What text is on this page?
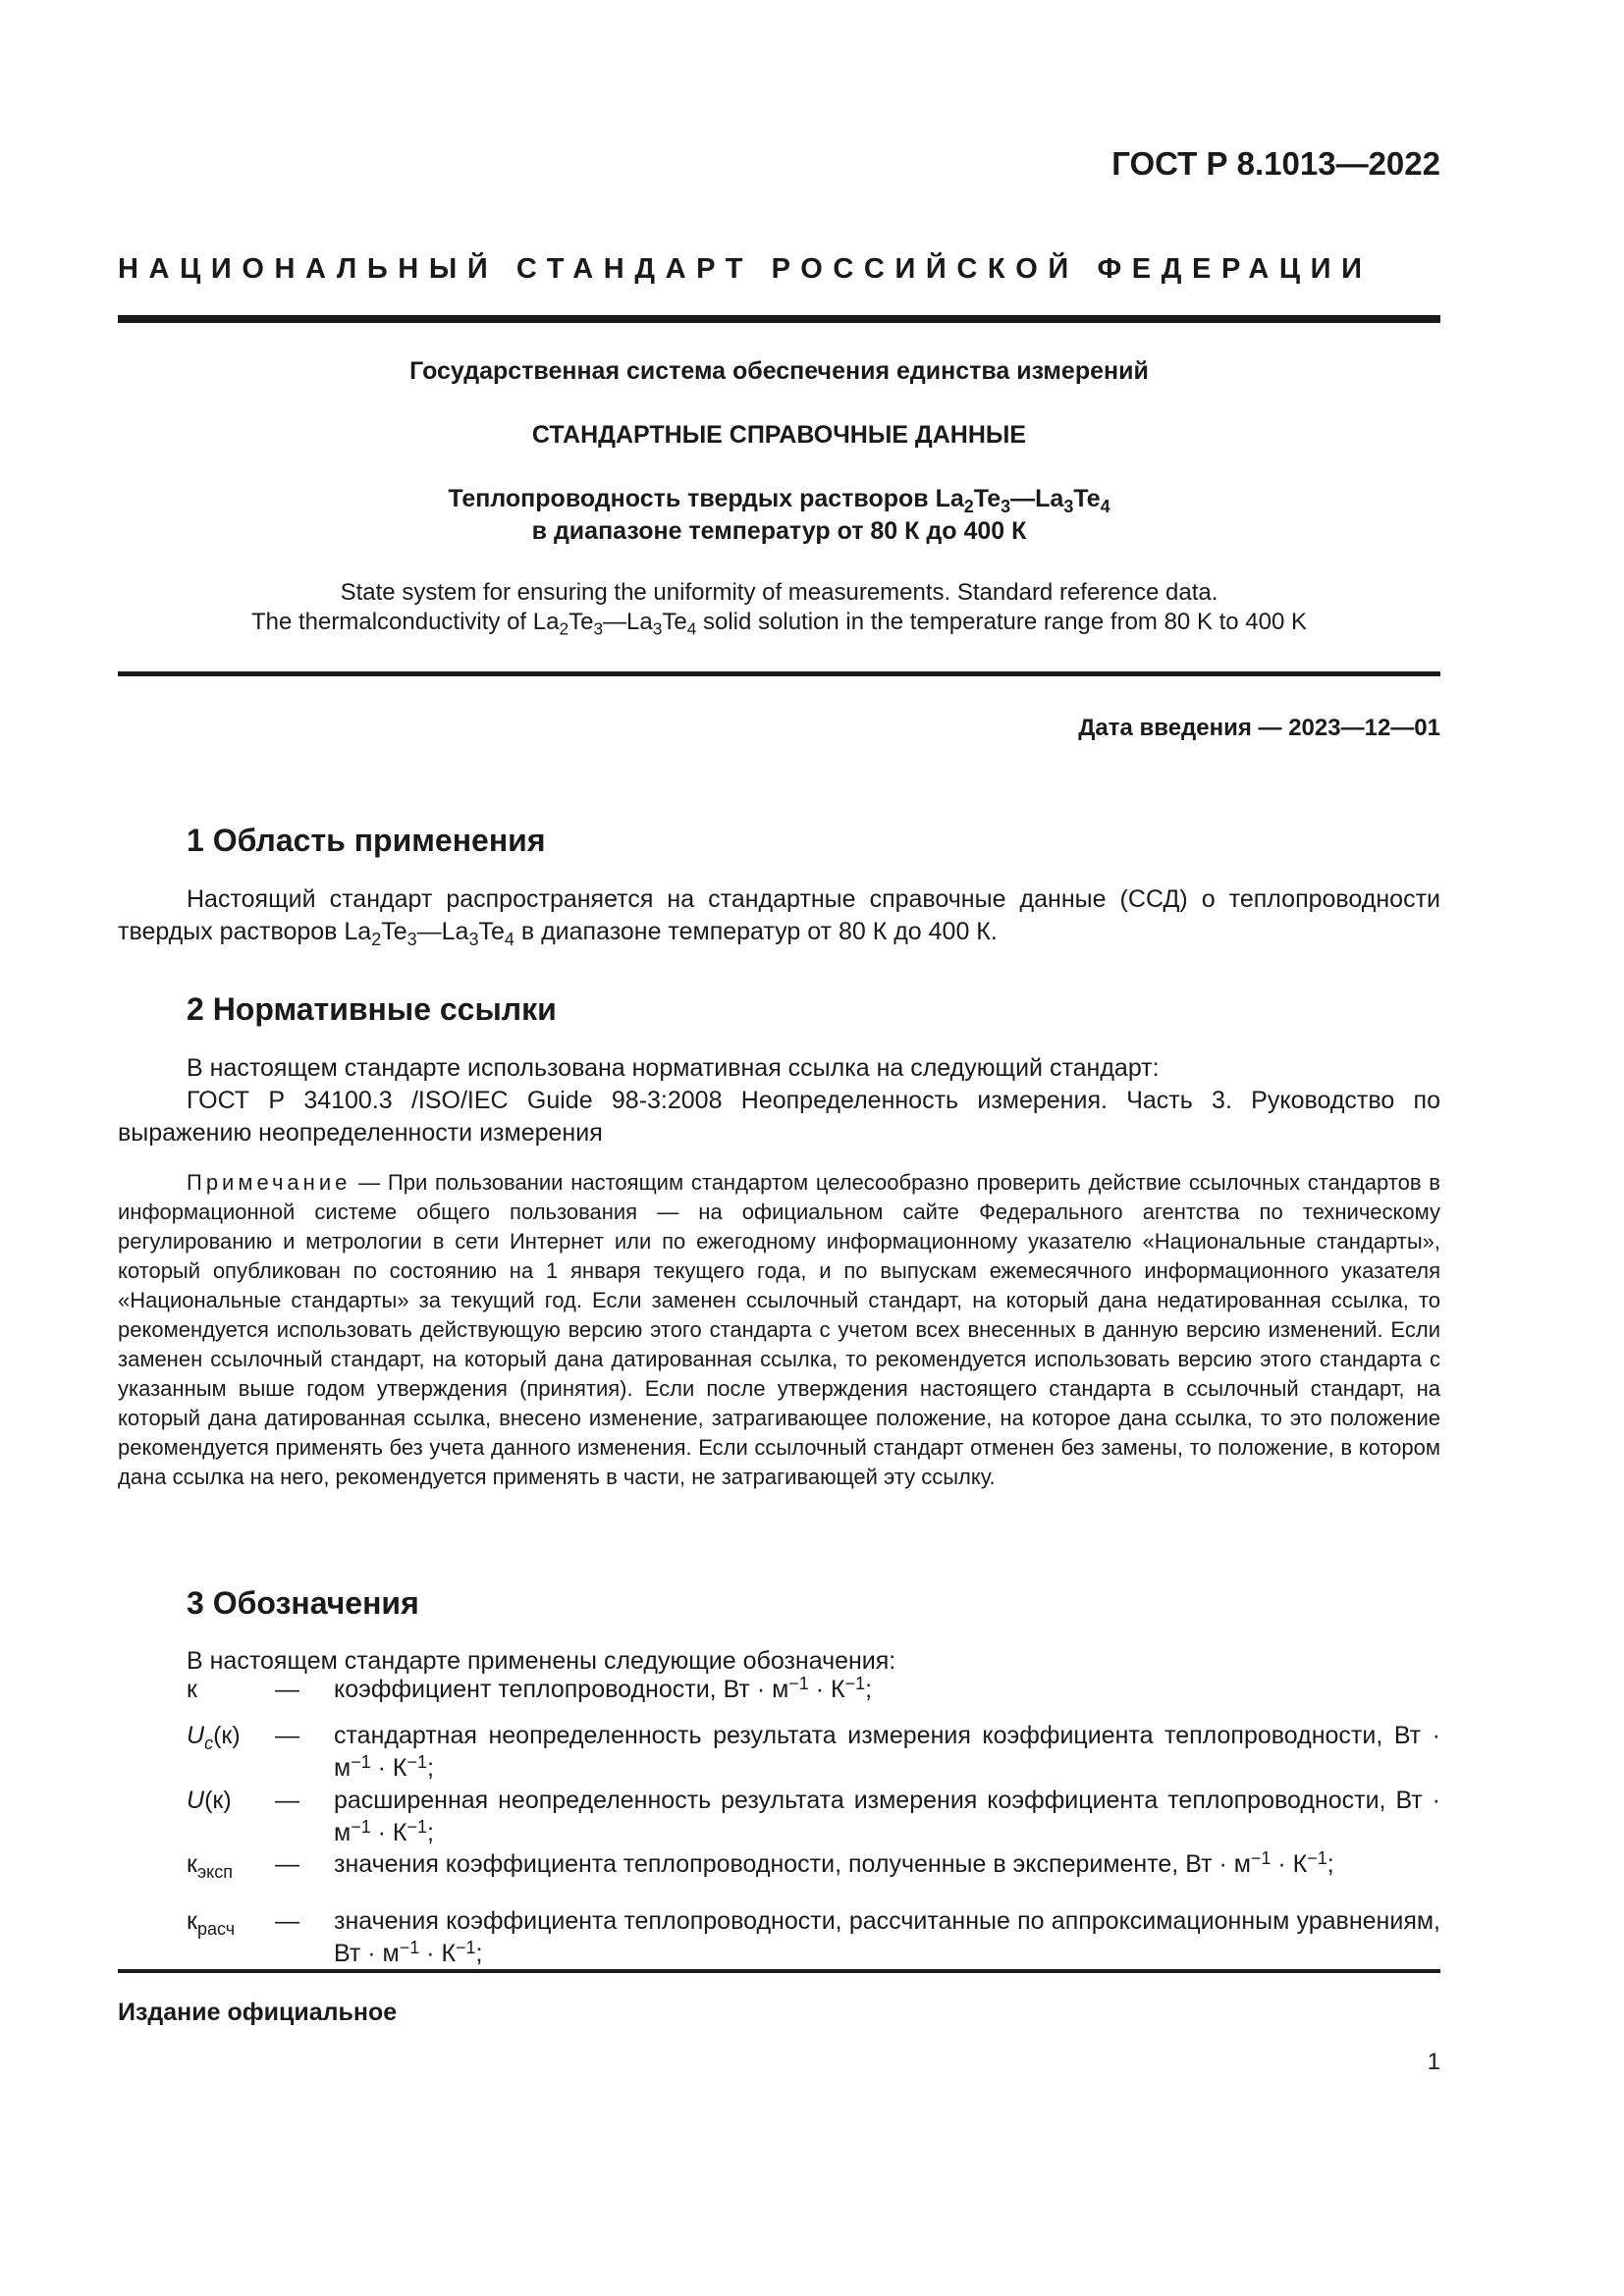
ГОСТ Р 8.1013—2022
НАЦИОНАЛЬНЫЙ СТАНДАРТ РОССИЙСКОЙ ФЕДЕРАЦИИ
Государственная система обеспечения единства измерений
СТАНДАРТНЫЕ СПРАВОЧНЫЕ ДАННЫЕ
Теплопроводность твердых растворов $La_2Te_3—La_3Te_4$
в диапазоне температур от 80 К до 400 К
State system for ensuring the uniformity of measurements. Standard reference data.
The thermalconductivity of $La_2Te_3—La_3Te_4$ solid solution in the temperature range from 80 K to 400 K
Дата введения — 2023—12—01
1 Область применения
Настоящий стандарт распространяется на стандартные справочные данные (ССД) о теплопроводности твердых растворов $La_2Te_3—La_3Te_4$ в диапазоне температур от 80 К до 400 К.
2 Нормативные ссылки
В настоящем стандарте использована нормативная ссылка на следующий стандарт:
ГОСТ Р 34100.3 /ISO/IEC Guide 98-3:2008 Неопределенность измерения. Часть 3. Руководство по выражению неопределенности измерения
Примечание — При пользовании настоящим стандартом целесообразно проверить действие ссылочных стандартов в информационной системе общего пользования — на официальном сайте Федерального агентства по техническому регулированию и метрологии в сети Интернет или по ежегодному информационному указателю «Национальные стандарты», который опубликован по состоянию на 1 января текущего года, и по выпускам ежемесячного информационного указателя «Национальные стандарты» за текущий год. Если заменен ссылочный стандарт, на который дана недатированная ссылка, то рекомендуется использовать действующую версию этого стандарта с учетом всех внесенных в данную версию изменений. Если заменен ссылочный стандарт, на который дана датированная ссылка, то рекомендуется использовать версию этого стандарта с указанным выше годом утверждения (принятия). Если после утверждения настоящего стандарта в ссылочный стандарт, на который дана датированная ссылка, внесено изменение, затрагивающее положение, на которое дана ссылка, то это положение рекомендуется применять без учета данного изменения. Если ссылочный стандарт отменен без замены, то положение, в котором дана ссылка на него, рекомендуется применять в части, не затрагивающей эту ссылку.
3 Обозначения
В настоящем стандарте применены следующие обозначения:
к	—	коэффициент теплопроводности, Вт · $м^{-1} \cdot К^{-1}$;
$U_c(к)$	—	стандартная неопределенность результата измерения коэффициента теплопроводности, Вт · $м^{-1} \cdot К^{-1}$;
U(к)	—	расширенная неопределенность результата измерения коэффициента теплопроводности, Вт · $м^{-1} \cdot К^{-1}$;
$к_{эксп}$	—	значения коэффициента теплопроводности, полученные в эксперименте, Вт · $м^{-1} \cdot К^{-1}$;
$к_{расч}$	—	значения коэффициента теплопроводности, рассчитанные по аппроксимационным уравнениям, Вт · $м^{-1} \cdot К^{-1}$;
Издание официальное
1
